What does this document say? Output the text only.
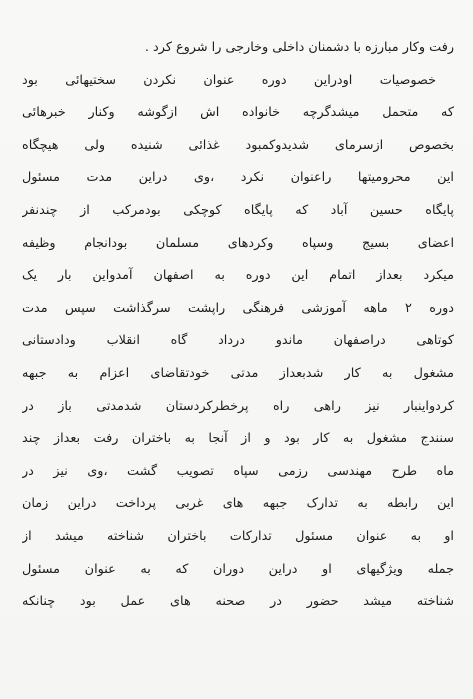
رفت وکار مبارزه با دشمنان داخلی وخارجی را شروع کرد .
خصوصیات اودراین دوره عنوان نکردن سختیهائی بود
که متحمل میشدگرچه خانواده اش ازگوشه وکنار خبرهائی
بخصوص ازسرمای شدیدوکمبود غذائی شنیده ولی هیچگاه
این محرومیتها راعنوان نکرد ،وی دراین مدت مسئول
پایگاه حسین آباد که پایگاه کوچکی بودمرکب از چندنفر
اعضای بسیج وسپاه وکردهای مسلمان بودانجام وظیفه
میکرد بعداز اتمام این دوره به اصفهان آمدواین بار یک
دوره ۲ ماهه آموزشی فرهنگی راپشت سرگذاشت سپس مدت
کوتاهی دراصفهان ماندو درداد گاه انقلاب ودادستانی
مشغول به کار شدبعداز مدتی خودتقاضای اعزام به جبهه
کردواینبار نیز راهی راه پرخطرکردستان شدمدتی باز در
سنندج مشغول به کار بود و از آنجا به باختران رفت بعداز چند
ماه طرح مهندسی رزمی سپاه تصویب گشت ،وی نیز در
این رابطه به تدارک جبهه های غربی پرداخت دراین زمان
او به عنوان مسئول تدارکات باختران شناخته میشد از
جمله ویژگیهای او دراین دوران که به عنوان مسئول
شناخته میشد حضور در صحنه های عمل بود چنانکه
